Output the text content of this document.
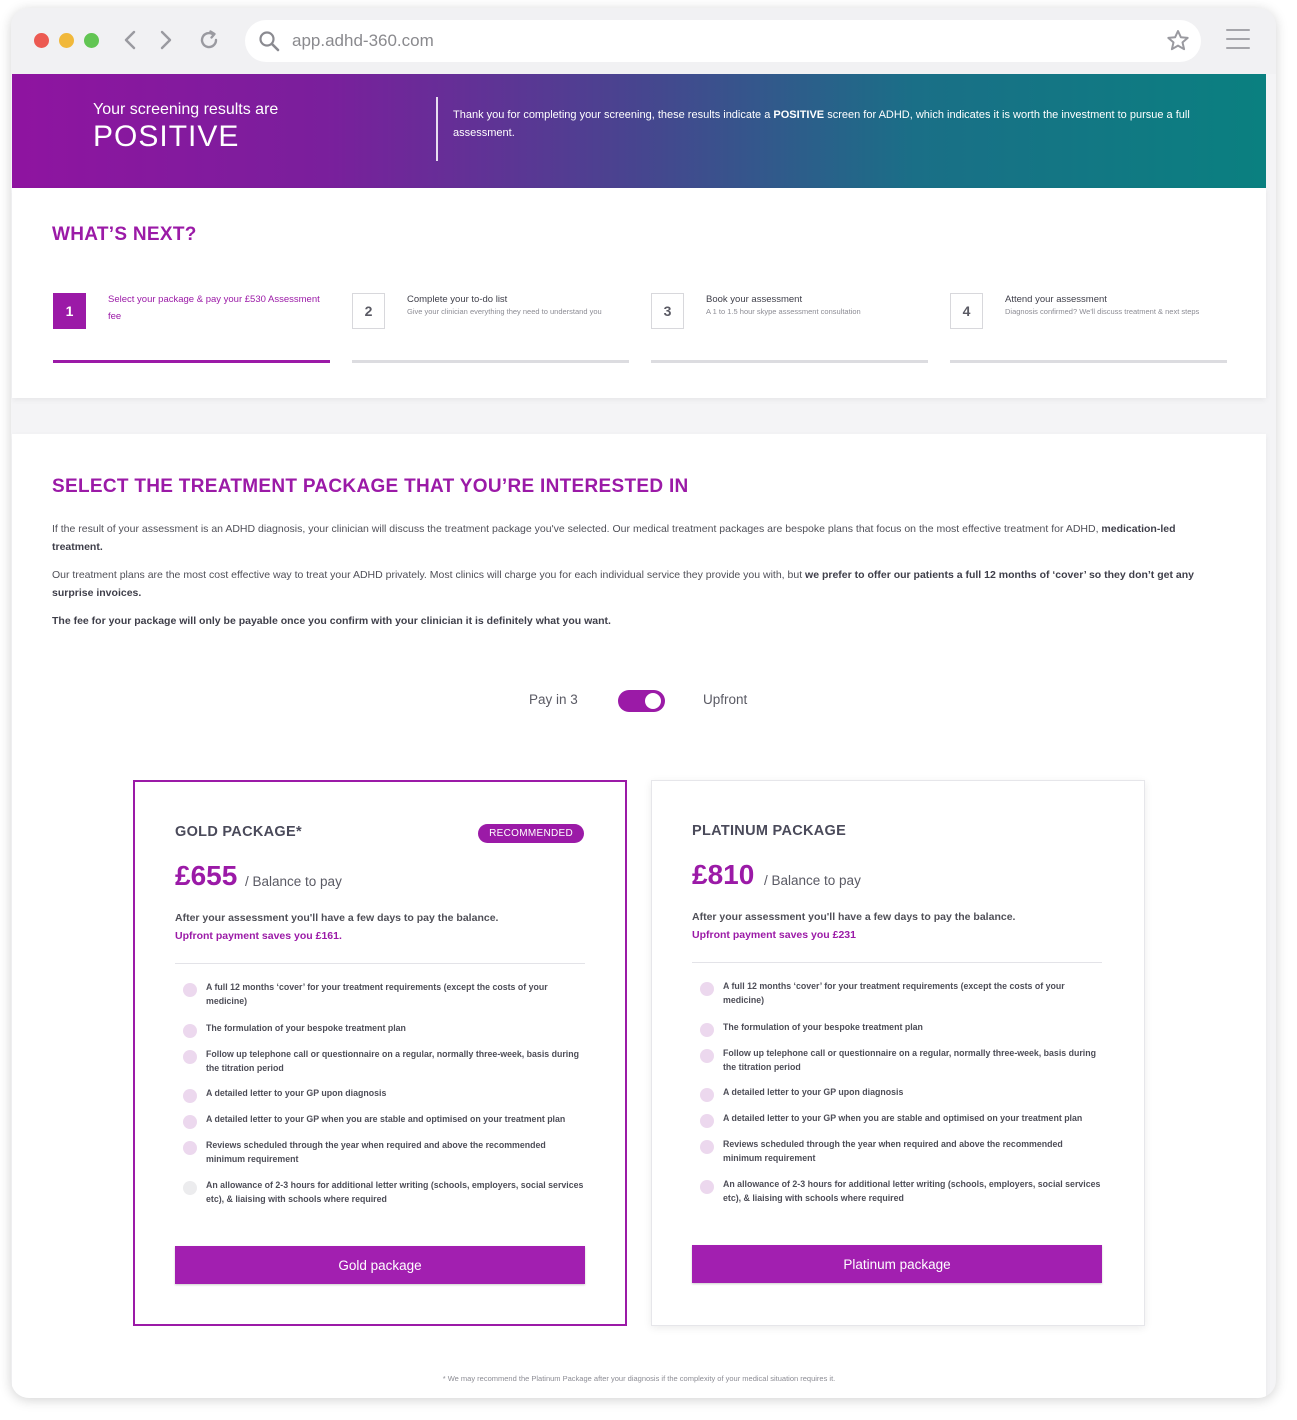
app.adhd-360.com
Your screening results are
POSITIVE
Thank you for completing your screening, these results indicate a POSITIVE screen for ADHD, which indicates it is worth the investment to pursue a full assessment.
WHAT’S NEXT?
1
Select your package & pay your £530 Assessment fee	2
Complete your to-do list
Give your clinician everything they need to understand you	3
Book your assessment
A 1 to 1.5 hour skype assessment consultation	4
Attend your assessment
Diagnosis confirmed? We'll discuss treatment & next steps
SELECT THE TREATMENT PACKAGE THAT YOU’RE INTERESTED IN
If the result of your assessment is an ADHD diagnosis, your clinician will discuss the treatment package you've selected. Our medical treatment packages are bespoke plans that focus on the most effective treatment for ADHD, medication-led treatment.
Our treatment plans are the most cost effective way to treat your ADHD privately. Most clinics will charge you for each individual service they provide you with, but we prefer to offer our patients a full 12 months of ‘cover’ so they don’t get any surprise invoices.
The fee for your package will only be payable once you confirm with your clinician it is definitely what you want.
Pay in 3	Upfront
GOLD PACKAGE*	RECOMMENDED
£655 / Balance to pay
After your assessment you'll have a few days to pay the balance.
Upfront payment saves you £161.
A full 12 months ‘cover’ for your treatment requirements (except the costs of your medicine)
The formulation of your bespoke treatment plan
Follow up telephone call or questionnaire on a regular, normally three-week, basis during the titration period
A detailed letter to your GP upon diagnosis
A detailed letter to your GP when you are stable and optimised on your treatment plan
Reviews scheduled through the year when required and above the recommended minimum requirement
An allowance of 2-3 hours for additional letter writing (schools, employers, social services etc), & liaising with schools where required
Gold package
PLATINUM PACKAGE
£810 / Balance to pay
After your assessment you'll have a few days to pay the balance.
Upfront payment saves you £231
A full 12 months ‘cover’ for your treatment requirements (except the costs of your medicine)
The formulation of your bespoke treatment plan
Follow up telephone call or questionnaire on a regular, normally three-week, basis during the titration period
A detailed letter to your GP upon diagnosis
A detailed letter to your GP when you are stable and optimised on your treatment plan
Reviews scheduled through the year when required and above the recommended minimum requirement
An allowance of 2-3 hours for additional letter writing (schools, employers, social services etc), & liaising with schools where required
Platinum package
* We may recommend the Platinum Package after your diagnosis if the complexity of your medical situation requires it.
